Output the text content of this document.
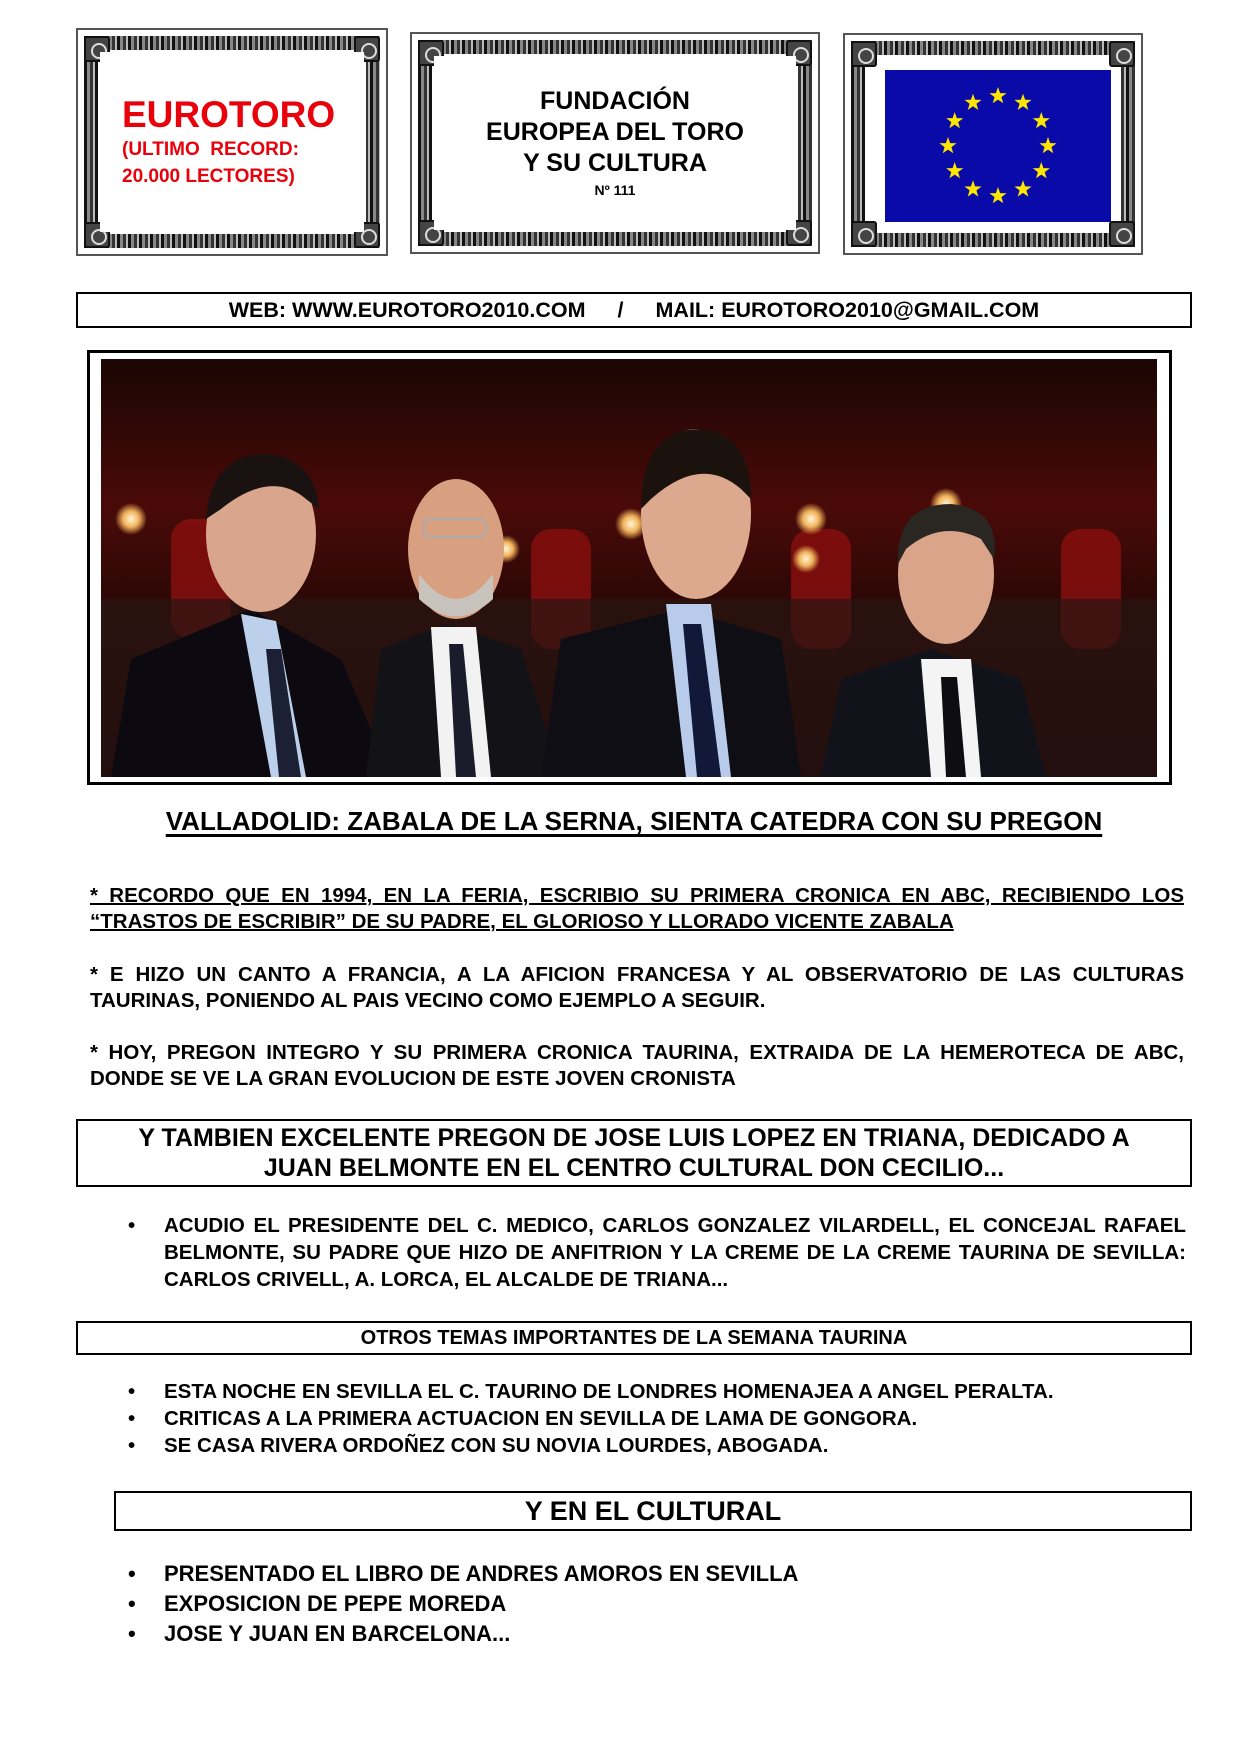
EUROTORO
(ULTIMO  RECORD:
20.000 LECTORES)
FUNDACIÓN
EUROPEA DEL TORO
Y SU CULTURA
Nº 111
WEB: WWW.EUROTORO2010.COM / MAIL: EUROTORO2010@GMAIL.COM
VALLADOLID: ZABALA DE LA SERNA, SIENTA CATEDRA CON SU PREGON
* RECORDO QUE EN 1994, EN LA FERIA, ESCRIBIO SU PRIMERA CRONICA EN ABC, RECIBIENDO LOS “TRASTOS DE ESCRIBIR” DE SU PADRE, EL GLORIOSO Y LLORADO VICENTE ZABALA
* E HIZO UN CANTO A FRANCIA, A LA AFICION FRANCESA Y AL OBSERVATORIO DE LAS CULTURAS TAURINAS, PONIENDO AL PAIS VECINO COMO EJEMPLO A SEGUIR.
* HOY, PREGON INTEGRO Y SU PRIMERA CRONICA TAURINA, EXTRAIDA DE LA HEMEROTECA DE ABC, DONDE SE VE LA GRAN EVOLUCION DE ESTE JOVEN CRONISTA
Y TAMBIEN EXCELENTE PREGON DE JOSE LUIS LOPEZ EN TRIANA, DEDICADO A
JUAN BELMONTE EN EL CENTRO CULTURAL DON CECILIO...
• ACUDIO EL PRESIDENTE DEL C. MEDICO, CARLOS GONZALEZ VILARDELL, EL CONCEJAL RAFAEL BELMONTE, SU PADRE QUE HIZO DE ANFITRION Y LA CREME DE LA CREME TAURINA DE SEVILLA: CARLOS CRIVELL, A. LORCA, EL ALCALDE DE TRIANA...
OTROS TEMAS IMPORTANTES DE LA SEMANA TAURINA
• ESTA NOCHE EN SEVILLA EL C. TAURINO DE LONDRES HOMENAJEA A ANGEL PERALTA.
• CRITICAS A LA PRIMERA ACTUACION EN SEVILLA DE LAMA DE GONGORA.
• SE CASA RIVERA ORDOÑEZ CON SU NOVIA LOURDES, ABOGADA.
Y EN EL CULTURAL
• PRESENTADO EL LIBRO DE ANDRES AMOROS EN SEVILLA
• EXPOSICION DE PEPE MOREDA
• JOSE Y JUAN EN BARCELONA...
